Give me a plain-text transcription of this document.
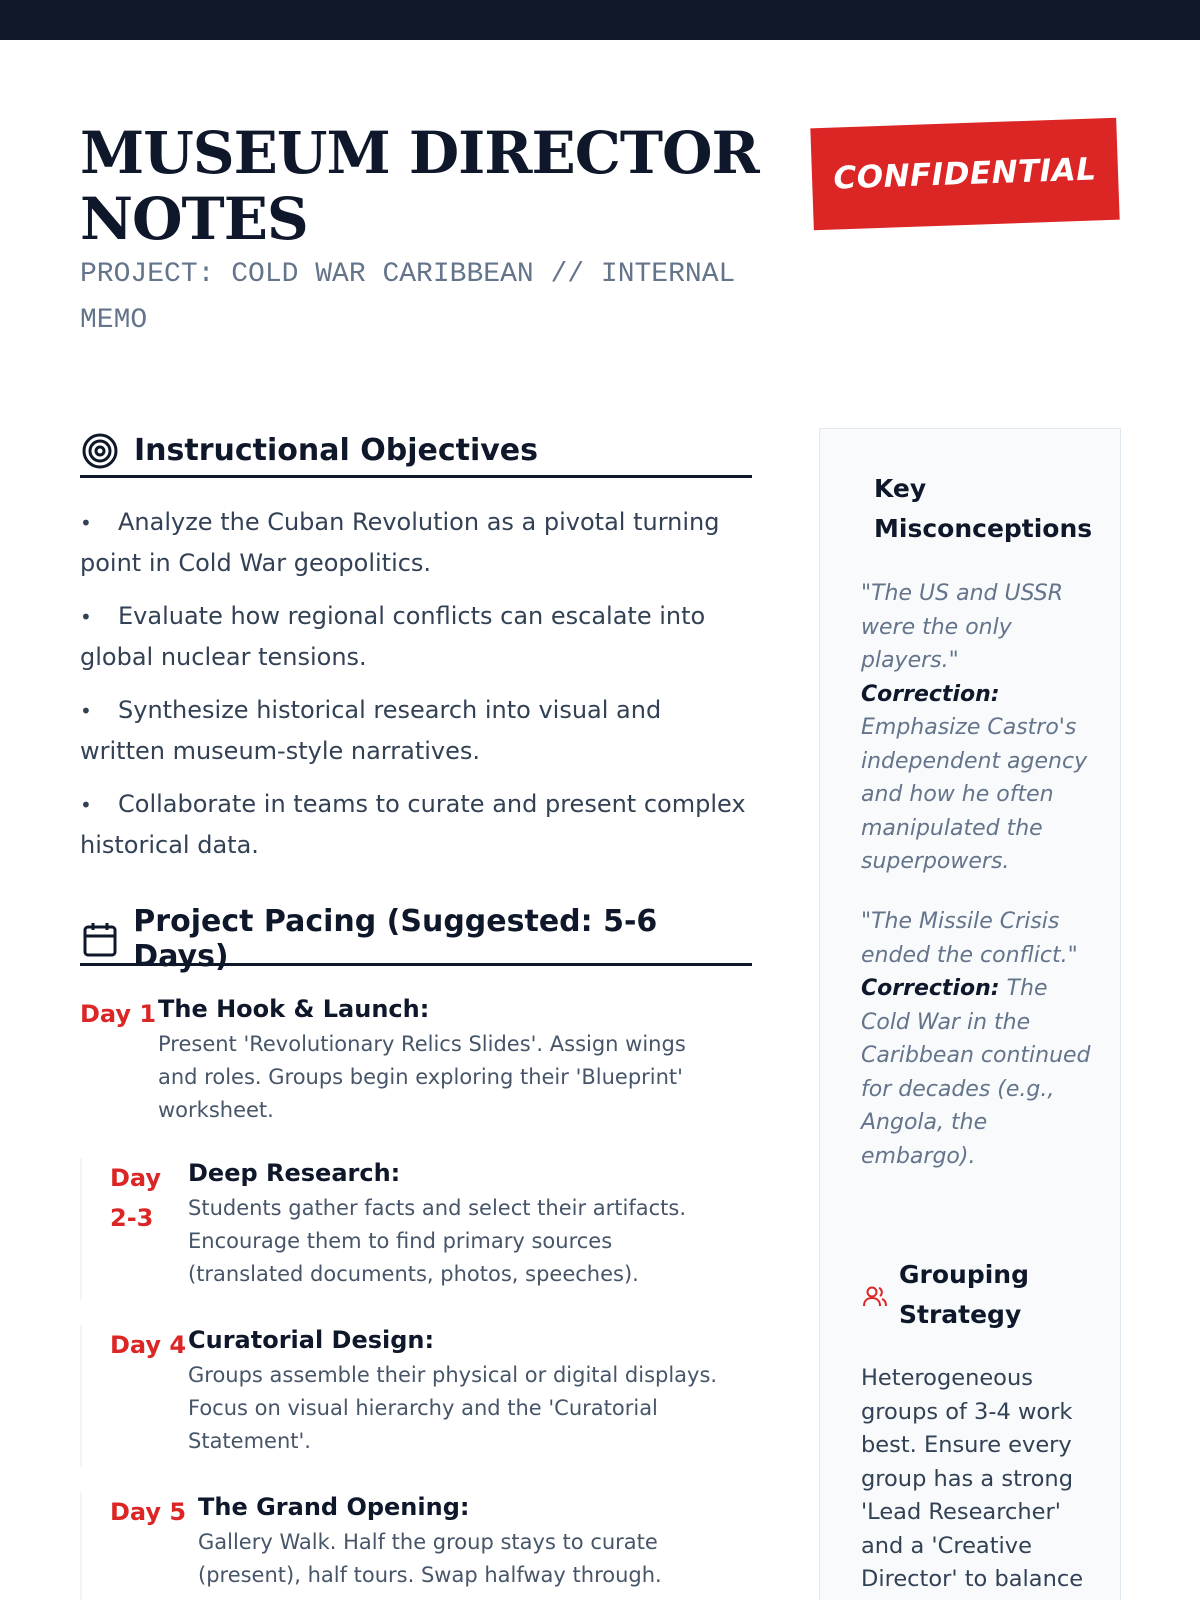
MUSEUM DIRECTOR
NOTES
PROJECT: COLD WAR CARIBBEAN // INTERNAL MEMO
CONFIDENTIAL
Instructional Objectives
• Analyze the Cuban Revolution as a pivotal turning point in Cold War geopolitics.
• Evaluate how regional conflicts can escalate into global nuclear tensions.
• Synthesize historical research into visual and written museum-style narratives.
• Collaborate in teams to curate and present complex historical data.
Project Pacing (Suggested: 5-6 Days)
Day 1 The Hook & Launch:
Present 'Revolutionary Relics Slides'. Assign wings and roles. Groups begin exploring their 'Blueprint' worksheet.
Day 2-3
Deep Research:
Students gather facts and select their artifacts. Encourage them to find primary sources (translated documents, photos, speeches).
Day 4 Curatorial Design:
Groups assemble their physical or digital displays. Focus on visual hierarchy and the 'Curatorial Statement'.
Day 5 The Grand Opening:
Gallery Walk. Half the group stays to curate (present), half tours. Swap halfway through.
Key Misconceptions
"The US and USSR were the only players."
Correction: Emphasize Castro's independent agency and how he often manipulated the superpowers.
"The Missile Crisis ended the conflict."
Correction: The Cold War in the Caribbean continued for decades (e.g., Angola, the embargo).
Grouping Strategy
Heterogeneous groups of 3-4 work best. Ensure every group has a strong 'Lead Researcher' and a 'Creative Director' to balance
